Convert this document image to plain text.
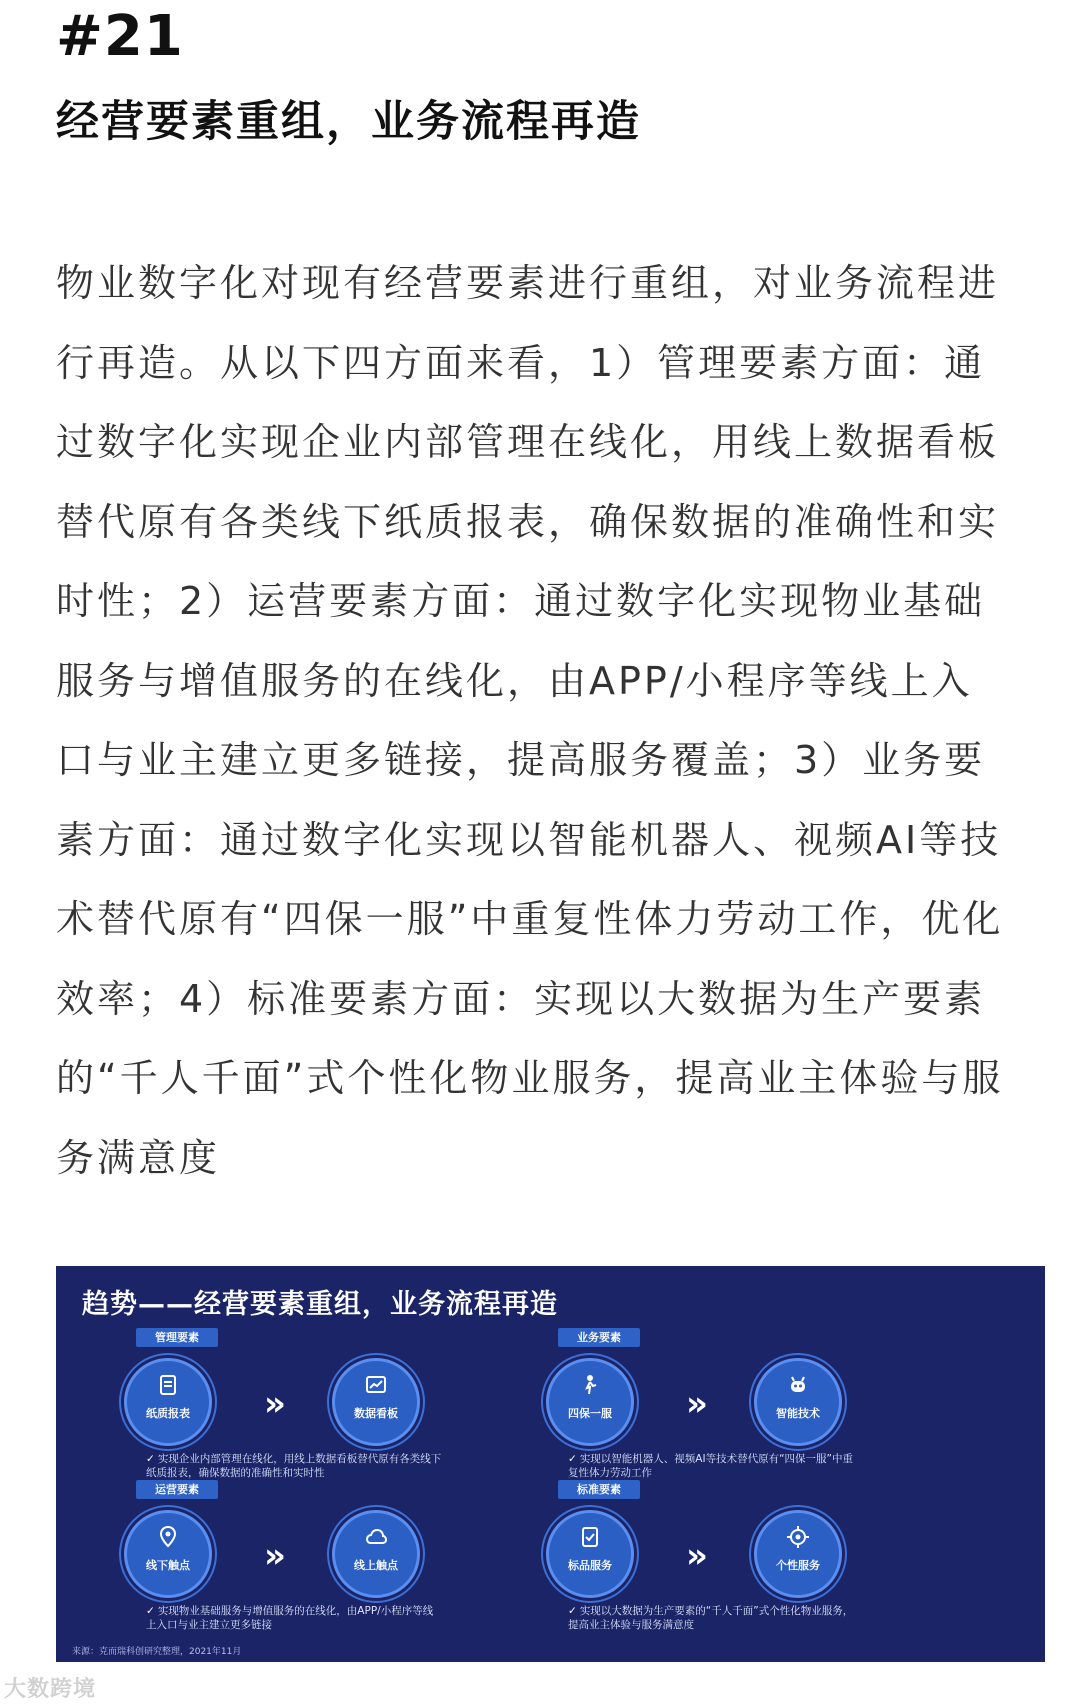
#21
经营要素重组，业务流程再造
物业数字化对现有经营要素进行重组，对业务流程进
行再造。从以下四方面来看，1）管理要素方面：通
过数字化实现企业内部管理在线化，用线上数据看板
替代原有各类线下纸质报表，确保数据的准确性和实
时性；2）运营要素方面：通过数字化实现物业基础
服务与增值服务的在线化，由APP/小程序等线上入
口与业主建立更多链接，提高服务覆盖；3）业务要
素方面：通过数字化实现以智能机器人、视频AI等技
术替代原有“四保一服”中重复性体力劳动工作，优化
效率；4）标准要素方面：实现以大数据为生产要素
的“千人千面”式个性化物业服务，提高业主体验与服
务满意度
趋势——经营要素重组，业务流程再造
管理要素
纸质报表	»	数据看板
✓ 实现企业内部管理在线化，用线上数据看板替代原有各类线下
纸质报表，确保数据的准确性和实时性
业务要素
四保一服	»	智能技术
✓ 实现以智能机器人、视频AI等技术替代原有“四保一服”中重
复性体力劳动工作
运营要素
线下触点	»	线上触点
✓ 实现物业基础服务与增值服务的在线化，由APP/小程序等线
上入口与业主建立更多链接
标准要素
标品服务	»	个性服务
✓ 实现以大数据为生产要素的“千人千面”式个性化物业服务，
提高业主体验与服务满意度
来源：克而瑞科创研究整理，2021年11月
大数跨境
